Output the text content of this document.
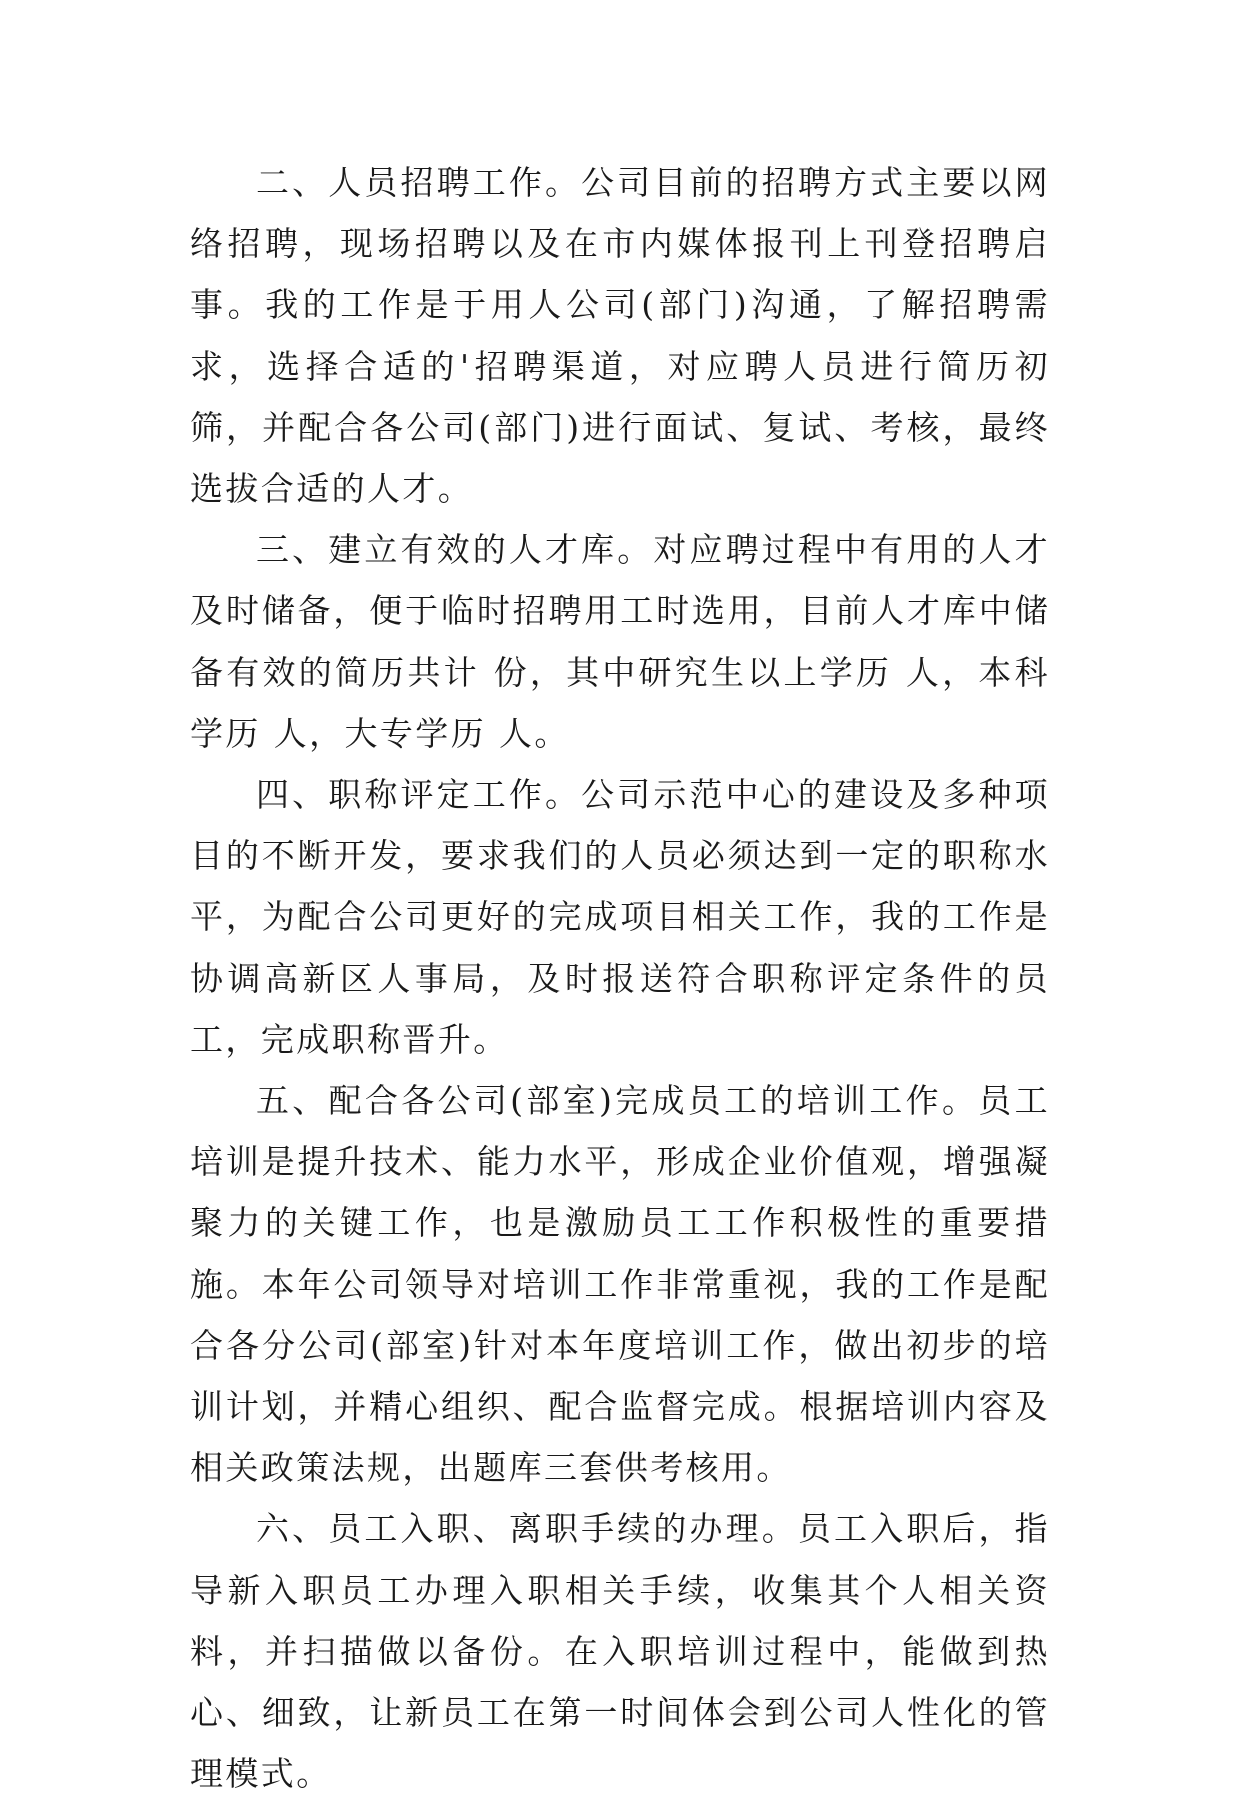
二、人员招聘工作。公司目前的招聘方式主要以网络招聘，现场招聘以及在市内媒体报刊上刊登招聘启事。我的工作是于用人公司(部门)沟通，了解招聘需求，选择合适的'招聘渠道，对应聘人员进行简历初筛，并配合各公司(部门)进行面试、复试、考核，最终选拔合适的人才。

三、建立有效的人才库。对应聘过程中有用的人才及时储备，便于临时招聘用工时选用，目前人才库中储备有效的简历共计 份，其中研究生以上学历 人，本科学历 人，大专学历 人。

四、职称评定工作。公司示范中心的建设及多种项目的不断开发，要求我们的人员必须达到一定的职称水平，为配合公司更好的完成项目相关工作，我的工作是协调高新区人事局，及时报送符合职称评定条件的员工，完成职称晋升。

五、配合各公司(部室)完成员工的培训工作。员工培训是提升技术、能力水平，形成企业价值观，增强凝聚力的关键工作，也是激励员工工作积极性的重要措施。本年公司领导对培训工作非常重视，我的工作是配合各分公司(部室)针对本年度培训工作，做出初步的培训计划，并精心组织、配合监督完成。根据培训内容及相关政策法规，出题库三套供考核用。

六、员工入职、离职手续的办理。员工入职后，指导新入职员工办理入职相关手续，收集其个人相关资料，并扫描做以备份。在入职培训过程中，能做到热心、细致，让新员工在第一时间体会到公司人性化的管理模式。
